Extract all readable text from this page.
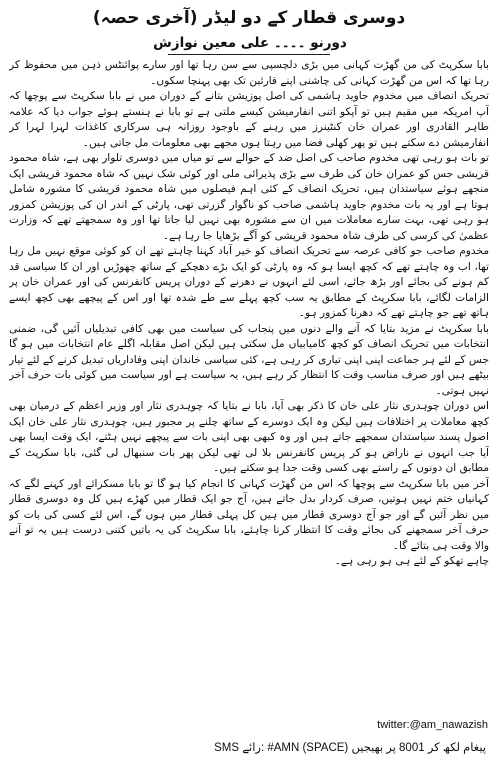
دوسری قطار کے دو لیڈر (آخری حصہ)
دورنو ۔۔۔۔ علی معین نوازش

بابا سکرپٹ کی من گھڑت کہانی میں بڑی دلچسپی سے سن رہا تھا اور سارے پوائنٹس ذہن میں محفوظ کر رہا تھا کہ اس من گھڑت کہانی کی چاشنی اپنے قارئین تک بھی پہنچا سکوں۔

تحریک انصاف میں مخدوم جاوید ہاشمی کی اصل پوزیشن بتانے کے دوران میں نے بابا سکرپٹ سے پوچھا کہ آپ امریکہ میں مقیم ہیں تو آپکو اتنی انفارمیشن کیسے ملتی ہے تو بابا نے ہنستے ہوئے جواب دیا کہ علامہ طاہر القادری اور عمران خان کنٹینرز میں رہنے کے باوجود روزانہ ہی سرکاری کاغذات لہرا لہرا کر انفارمیشن دے سکتے ہیں تو پھر کھلی فضا میں رہتا ہوں مجھے بھی معلومات مل جاتی ہیں۔

تو بات ہو رہی تھی مخدوم صاحب کی اصل ضد کے حوالے سے تو میاں میں دوسری تلوار بھی ہے، شاہ محمود قریشی جس کو عمران خان کی طرف سے بڑی پذیرائی ملی اور کوئی شک نہیں کہ شاہ محمود قریشی ایک منجھے ہوئے سیاستدان ہیں، تحریک انصاف کے کئی اہم فیصلوں میں شاہ محمود قریشی کا مشورہ شامل ہوتا ہے اور یہ بات مخدوم جاوید ہاشمی صاحب کو ناگوار گزرتی تھی، پارٹی کے اندر ان کی پوزیشن کمزور ہو رہی تھی، بہت سارے معاملات میں ان سے مشورہ بھی نہیں لیا جاتا تھا اور وہ سمجھتے تھے کہ وزارت عظمیٰ کی کرسی کی طرف شاہ محمود قریشی کو آگے بڑھایا جا رہا ہے۔

مخدوم صاحب جو کافی عرصہ سے تحریک انصاف کو خیر آباد کہنا چاہتے تھے ان کو کوئی موقع نہیں مل رہا تھا، اب وہ چاہتے تھے کہ کچھ ایسا ہو کہ وہ پارٹی کو ایک بڑے دھچکے کے ساتھ چھوڑیں اور ان کا سیاسی قد کم ہونے کی بجائے اور بڑھ جائے، اسی لئے انہوں نے دھرنے کے دوران پریس کانفرنس کی اور عمران خان پر الزامات لگائے، بابا سکرپٹ کے مطابق یہ سب کچھ پہلے سے طے شدہ تھا اور اس کے پیچھے بھی کچھ ایسے ہاتھ تھے جو چاہتے تھے کہ دھرنا کمزور ہو۔

بابا سکرپٹ نے مزید بتایا کہ آنے والے دنوں میں پنجاب کی سیاست میں بھی کافی تبدیلیاں آئیں گی، ضمنی انتخابات میں تحریک انصاف کو کچھ کامیابیاں مل سکتی ہیں لیکن اصل مقابلہ اگلے عام انتخابات میں ہو گا جس کے لئے ہر جماعت اپنی اپنی تیاری کر رہی ہے، کئی سیاسی خاندان اپنی وفاداریاں تبدیل کرنے کے لئے تیار بیٹھے ہیں اور صرف مناسب وقت کا انتظار کر رہے ہیں، یہ سیاست ہے اور سیاست میں کوئی بات حرف آخر نہیں ہوتی۔

اس دوران چوہدری نثار علی خان کا ذکر بھی آیا، بابا نے بتایا کہ چوہدری نثار اور وزیر اعظم کے درمیان بھی کچھ معاملات پر اختلافات ہیں لیکن وہ ایک دوسرے کے ساتھ چلنے پر مجبور ہیں، چوہدری نثار علی خان ایک اصول پسند سیاستدان سمجھے جاتے ہیں اور وہ کبھی بھی اپنی بات سے پیچھے نہیں ہٹتے، ایک وقت ایسا بھی آیا جب انہوں نے ناراض ہو کر پریس کانفرنس بلا لی تھی لیکن پھر بات سنبھال لی گئی، بابا سکرپٹ کے مطابق ان دونوں کے راستے بھی کسی وقت جدا ہو سکتے ہیں۔

آخر میں بابا سکرپٹ سے پوچھا کہ اس من گھڑت کہانی کا انجام کیا ہو گا تو بابا مسکرائے اور کہنے لگے کہ کہانیاں ختم نہیں ہوتیں، صرف کردار بدل جاتے ہیں، آج جو ایک قطار میں کھڑے ہیں کل وہ دوسری قطار میں نظر آئیں گے اور جو آج دوسری قطار میں ہیں کل پہلی قطار میں ہوں گے، اس لئے کسی کی بات کو حرف آخر سمجھنے کی بجائے وقت کا انتظار کرنا چاہئے، بابا سکرپٹ کی یہ باتیں کتنی درست ہیں یہ تو آنے والا وقت ہی بتائے گا۔

چاہے تھکو کے لئے ہی ہو رہی ہے۔

twitter:@am_nawazish
SMS رائے: #AMN (SPACE) پیغام لکھ کر 8001 پر بھیجیں
